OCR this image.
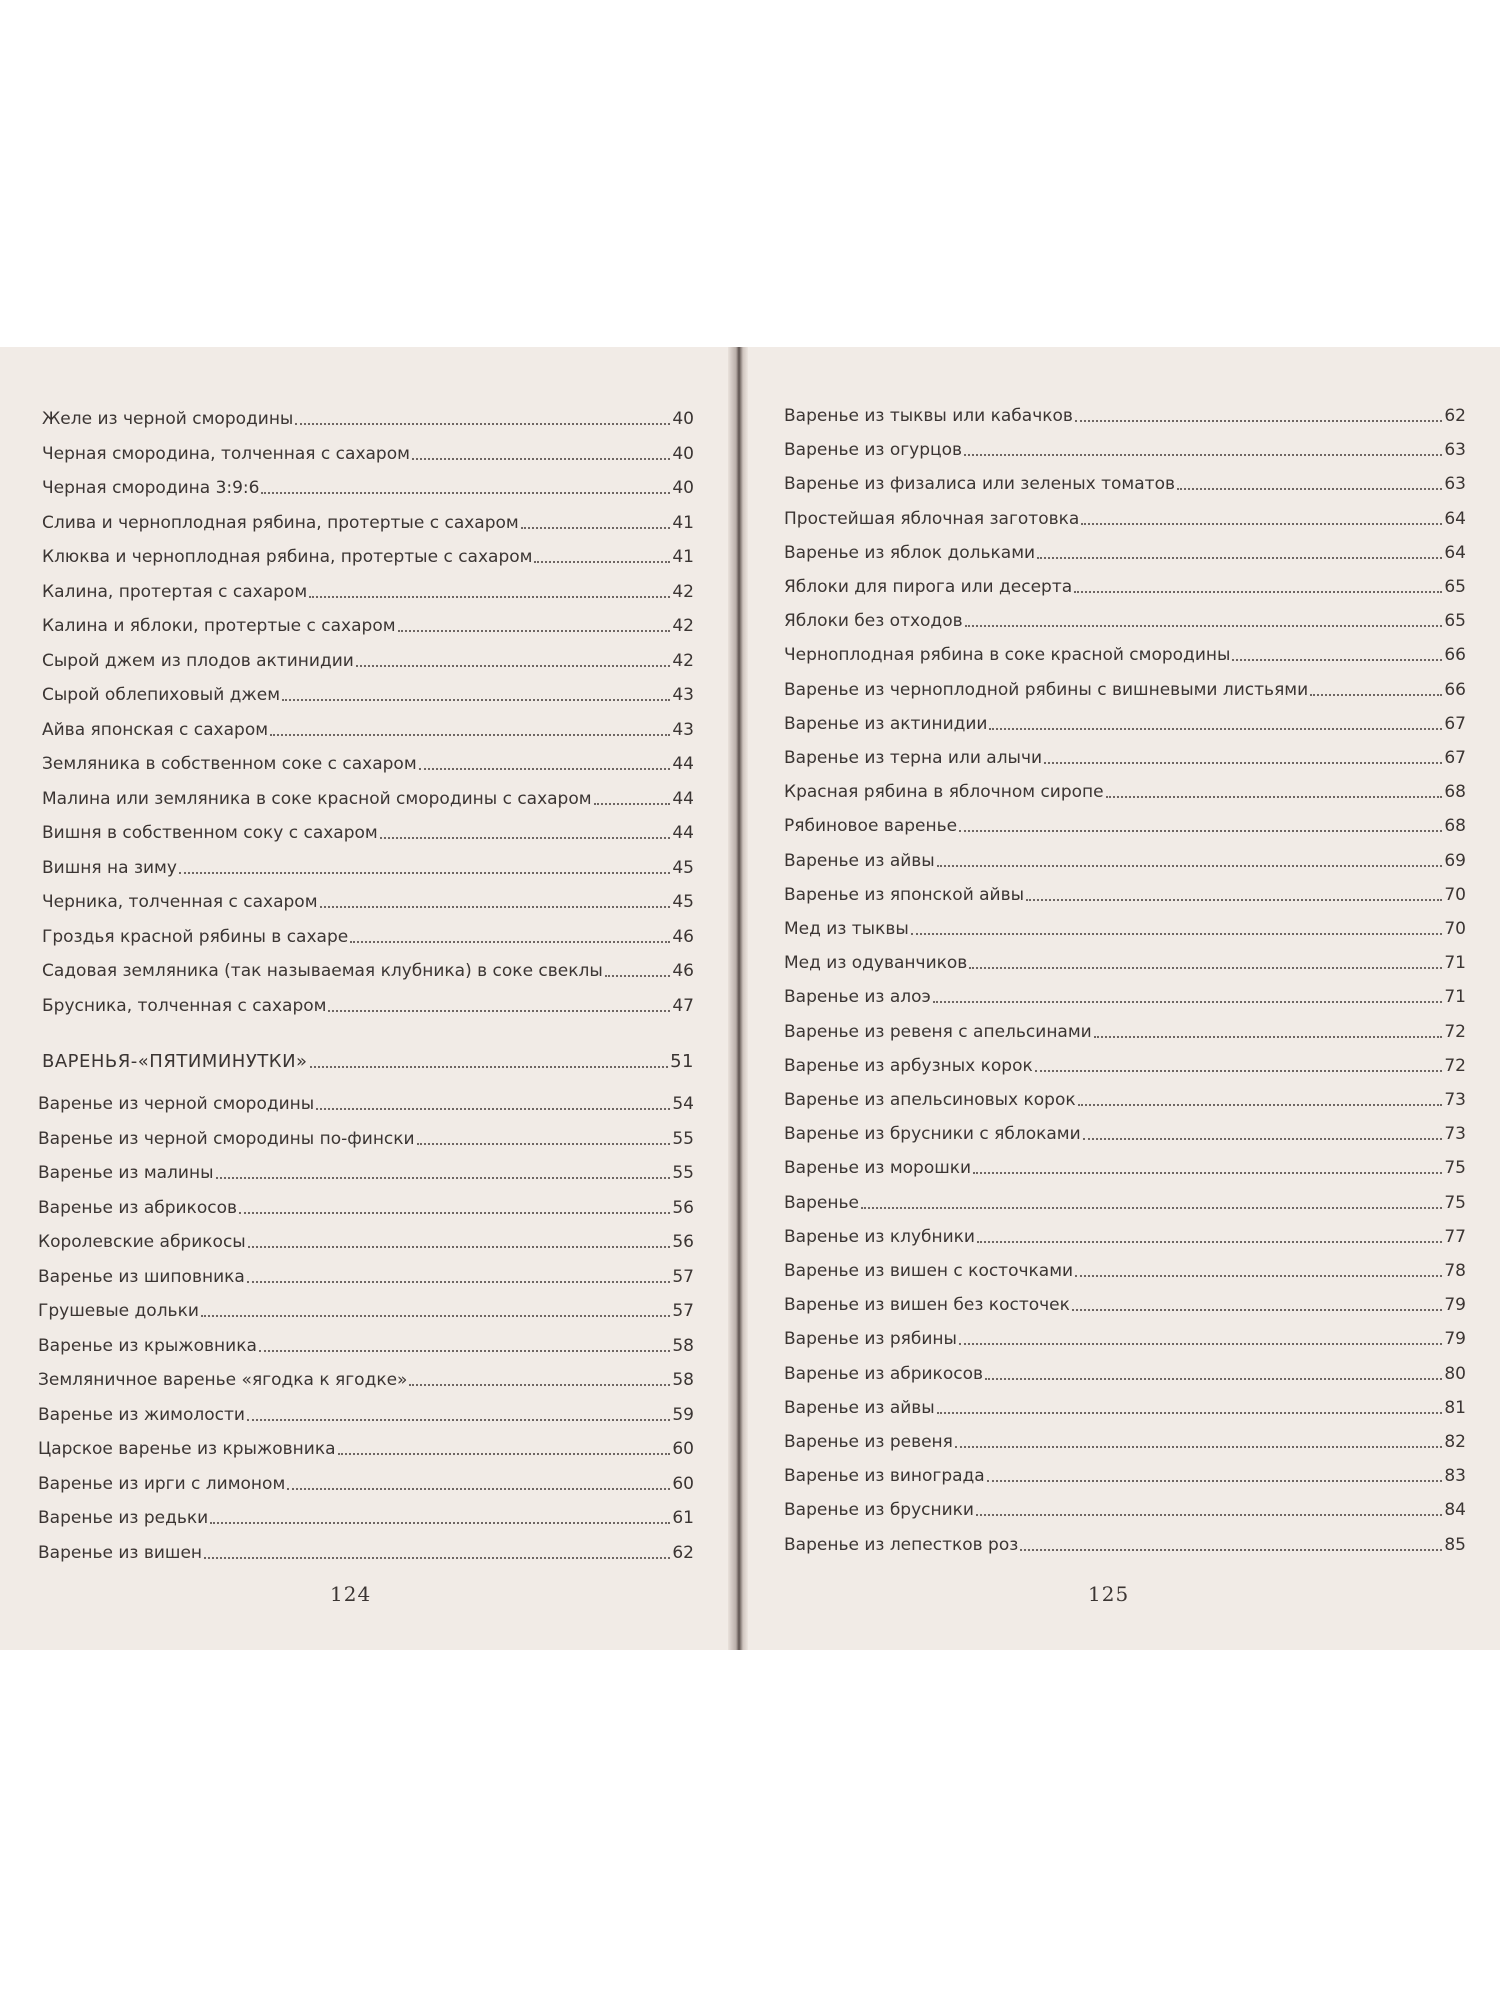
Желе из черной смородины	40
Черная смородина, толченная с сахаром	40
Черная смородина 3:9:6	40
Слива и черноплодная рябина, протертые с сахаром	41
Клюква и черноплодная рябина, протертые с сахаром	41
Калина, протертая с сахаром	42
Калина и яблоки, протертые с сахаром	42
Сырой джем из плодов актинидии	42
Сырой облепиховый джем	43
Айва японская с сахаром	43
Земляника в собственном соке с сахаром	44
Малина или земляника в соке красной смородины с сахаром	44
Вишня в собственном соку с сахаром	44
Вишня на зиму	45
Черника, толченная с сахаром	45
Гроздья красной рябины в сахаре	46
Садовая земляника (так называемая клубника) в соке свеклы	46
Брусника, толченная с сахаром	47
ВАРЕНЬЯ-«ПЯТИМИНУТКИ»	51
Варенье из черной смородины	54
Варенье из черной смородины по-фински	55
Варенье из малины	55
Варенье из абрикосов	56
Королевские абрикосы	56
Варенье из шиповника	57
Грушевые дольки	57
Варенье из крыжовника	58
Земляничное варенье «ягодка к ягодке»	58
Варенье из жимолости	59
Царское варенье из крыжовника	60
Варенье из ирги с лимоном	60
Варенье из редьки	61
Варенье из вишен	62
124
Варенье из тыквы или кабачков	62
Варенье из огурцов	63
Варенье из физалиса или зеленых томатов	63
Простейшая яблочная заготовка	64
Варенье из яблок дольками	64
Яблоки для пирога или десерта	65
Яблоки без отходов	65
Черноплодная рябина в соке красной смородины	66
Варенье из черноплодной рябины с вишневыми листьями	66
Варенье из актинидии	67
Варенье из терна или алычи	67
Красная рябина в яблочном сиропе	68
Рябиновое варенье	68
Варенье из айвы	69
Варенье из японской айвы	70
Мед из тыквы	70
Мед из одуванчиков	71
Варенье из алоэ	71
Варенье из ревеня с апельсинами	72
Варенье из арбузных корок	72
Варенье из апельсиновых корок	73
Варенье из брусники с яблоками	73
Варенье из морошки	75
Варенье	75
Варенье из клубники	77
Варенье из вишен с косточками	78
Варенье из вишен без косточек	79
Варенье из рябины	79
Варенье из абрикосов	80
Варенье из айвы	81
Варенье из ревеня	82
Варенье из винограда	83
Варенье из брусники	84
Варенье из лепестков роз	85
125
